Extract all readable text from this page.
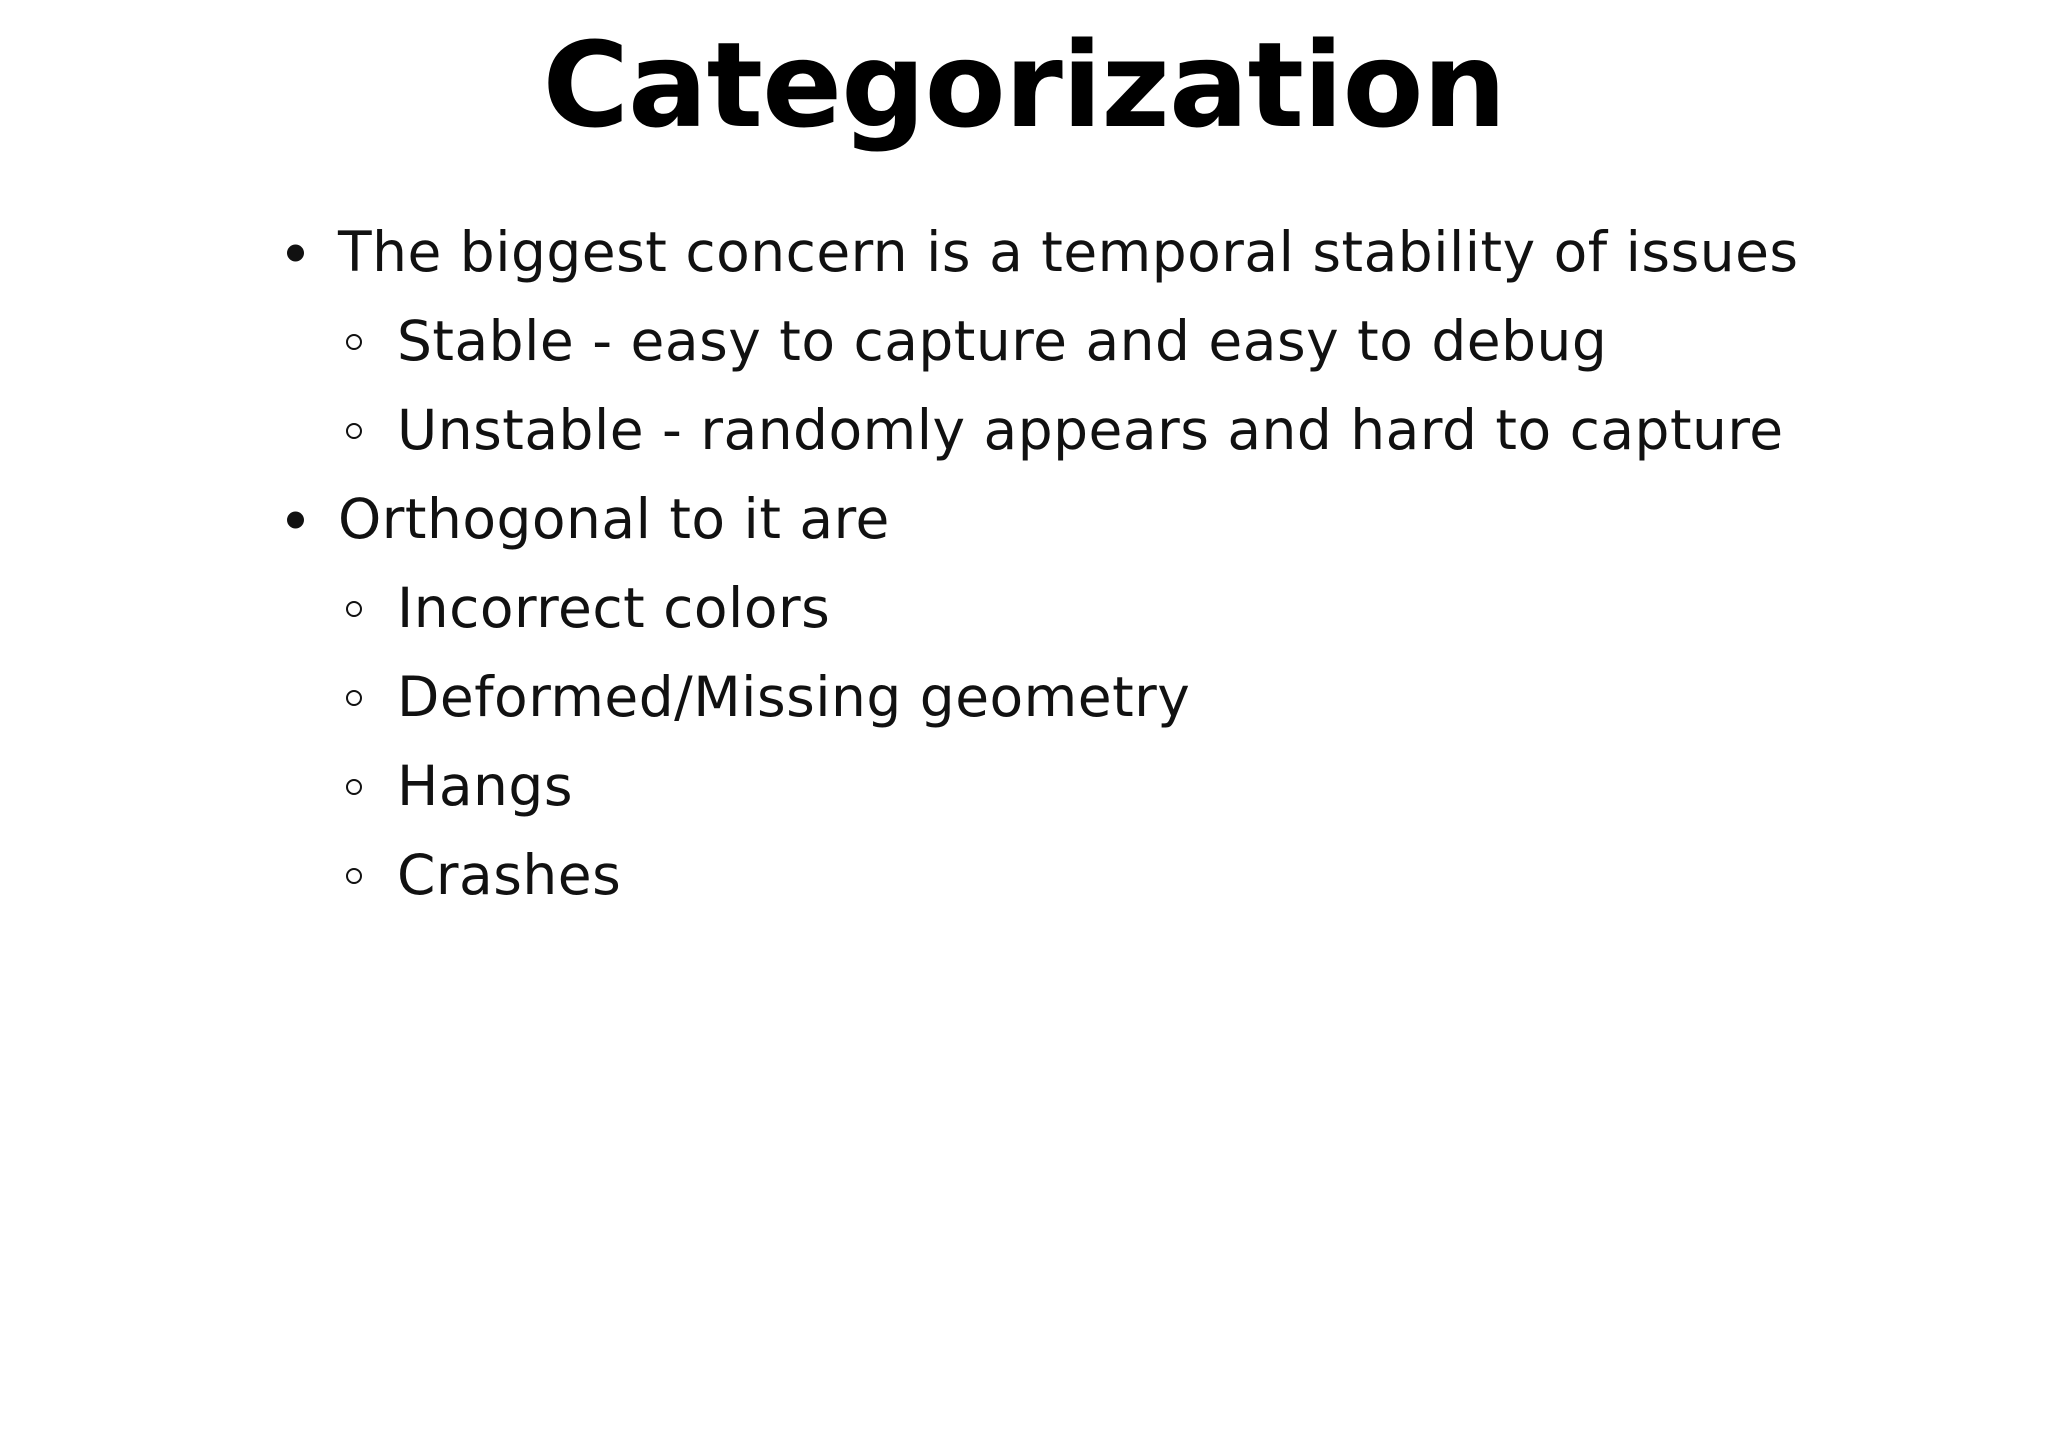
Categorization
The biggest concern is a temporal stability of issues
Stable - easy to capture and easy to debug
Unstable - randomly appears and hard to capture
Orthogonal to it are
Incorrect colors
Deformed/Missing geometry
Hangs
Crashes
